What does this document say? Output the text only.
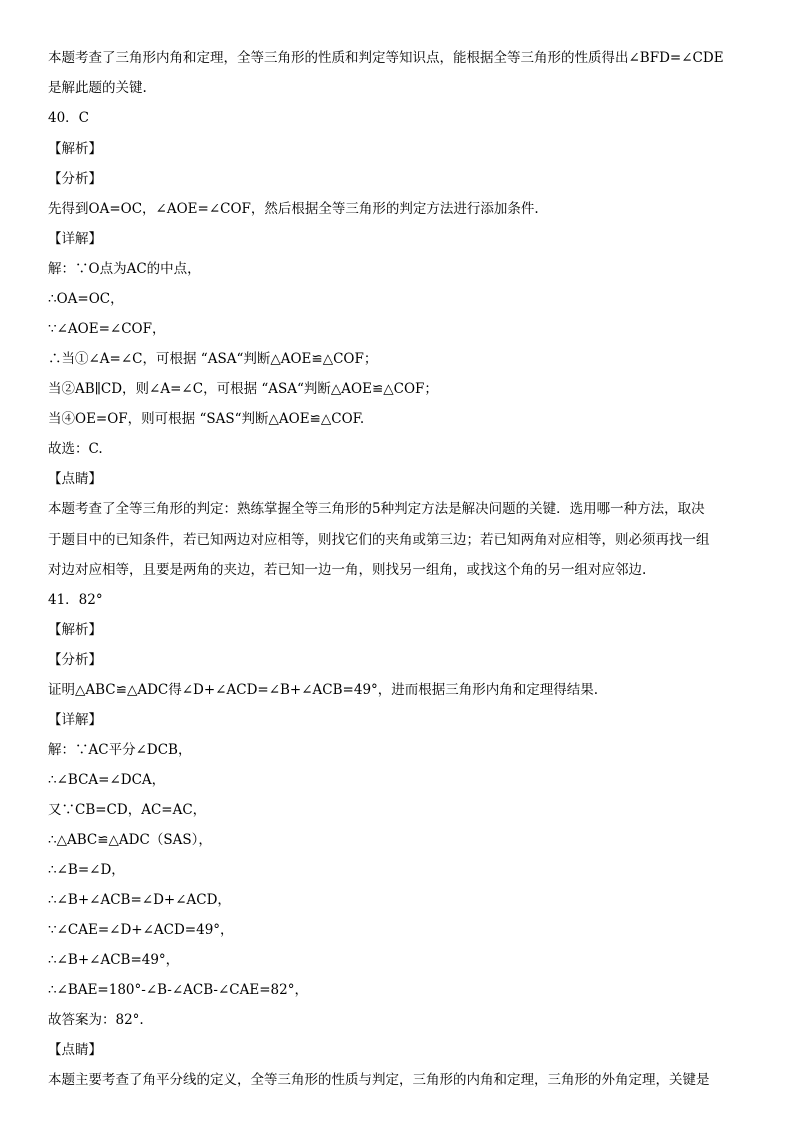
本题考查了三角形内角和定理，全等三角形的性质和判定等知识点，能根据全等三角形的性质得出∠BFD=∠CDE
是解此题的关键.
40．C
【解析】
【分析】
先得到OA=OC，∠AOE=∠COF，然后根据全等三角形的判定方法进行添加条件.
【详解】
解：∵O点为AC的中点，
∴OA=OC，
∵∠AOE=∠COF，
∴当①∠A=∠C，可根据 “ASA“判断△AOE≌△COF；
当②AB∥CD，则∠A=∠C，可根据 “ASA“判断△AOE≌△COF；
当④OE=OF，则可根据 “SAS“判断△AOE≌△COF.
故选：C.
【点睛】
本题考查了全等三角形的判定：熟练掌握全等三角形的5种判定方法是解决问题的关键．选用哪一种方法，取决
于题目中的已知条件，若已知两边对应相等，则找它们的夹角或第三边；若已知两角对应相等，则必须再找一组
对边对应相等，且要是两角的夹边，若已知一边一角，则找另一组角，或找这个角的另一组对应邻边.
41．82°
【解析】
【分析】
证明△ABC≌△ADC得∠D+∠ACD=∠B+∠ACB=49°，进而根据三角形内角和定理得结果.
【详解】
解：∵AC平分∠DCB，
∴∠BCA=∠DCA，
又∵CB=CD，AC=AC，
∴△ABC≌△ADC（SAS），
∴∠B=∠D，
∴∠B+∠ACB=∠D+∠ACD，
∵∠CAE=∠D+∠ACD=49°，
∴∠B+∠ACB=49°，
∴∠BAE=180°-∠B-∠ACB-∠CAE=82°，
故答案为：82°.
【点睛】
本题主要考查了角平分线的定义，全等三角形的性质与判定，三角形的内角和定理，三角形的外角定理，关键是
